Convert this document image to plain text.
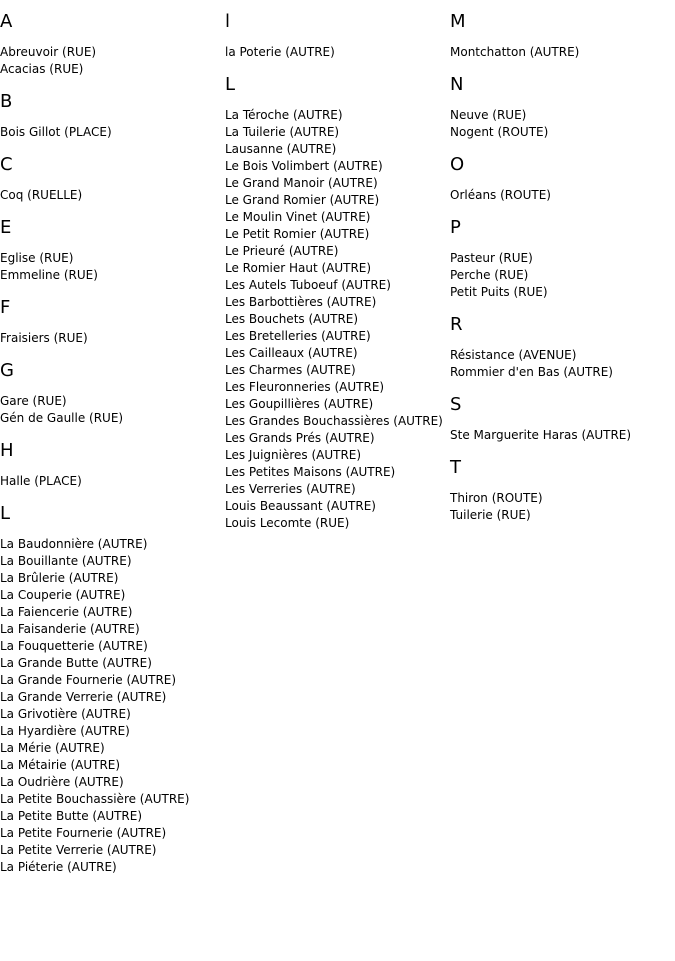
A
Abreuvoir (RUE)
Acacias (RUE)
B
Bois Gillot (PLACE)
C
Coq (RUELLE)
E
Eglise (RUE)
Emmeline (RUE)
F
Fraisiers (RUE)
G
Gare (RUE)
Gén de Gaulle (RUE)
H
Halle (PLACE)
L
La Baudonnière (AUTRE)
La Bouillante (AUTRE)
La Brûlerie (AUTRE)
La Couperie (AUTRE)
La Faiencerie (AUTRE)
La Faisanderie (AUTRE)
La Fouquetterie (AUTRE)
La Grande Butte (AUTRE)
La Grande Fournerie (AUTRE)
La Grande Verrerie (AUTRE)
La Grivotière (AUTRE)
La Hyardière (AUTRE)
La Mérie (AUTRE)
La Métairie (AUTRE)
La Oudrière (AUTRE)
La Petite Bouchassière (AUTRE)
La Petite Butte (AUTRE)
La Petite Fournerie (AUTRE)
La Petite Verrerie (AUTRE)
La Piéterie (AUTRE)
l
la Poterie (AUTRE)
L
La Téroche (AUTRE)
La Tuilerie (AUTRE)
Lausanne (AUTRE)
Le Bois Volimbert (AUTRE)
Le Grand Manoir (AUTRE)
Le Grand Romier (AUTRE)
Le Moulin Vinet (AUTRE)
Le Petit Romier (AUTRE)
Le Prieuré (AUTRE)
Le Romier Haut (AUTRE)
Les Autels Tuboeuf (AUTRE)
Les Barbottières (AUTRE)
Les Bouchets (AUTRE)
Les Bretelleries (AUTRE)
Les Cailleaux (AUTRE)
Les Charmes (AUTRE)
Les Fleuronneries (AUTRE)
Les Goupillières (AUTRE)
Les Grandes Bouchassières (AUTRE)
Les Grands Prés (AUTRE)
Les Juignières (AUTRE)
Les Petites Maisons (AUTRE)
Les Verreries (AUTRE)
Louis Beaussant (AUTRE)
Louis Lecomte (RUE)
M
Montchatton (AUTRE)
N
Neuve (RUE)
Nogent (ROUTE)
O
Orléans (ROUTE)
P
Pasteur (RUE)
Perche (RUE)
Petit Puits (RUE)
R
Résistance (AVENUE)
Rommier d'en Bas (AUTRE)
S
Ste Marguerite Haras (AUTRE)
T
Thiron (ROUTE)
Tuilerie (RUE)
